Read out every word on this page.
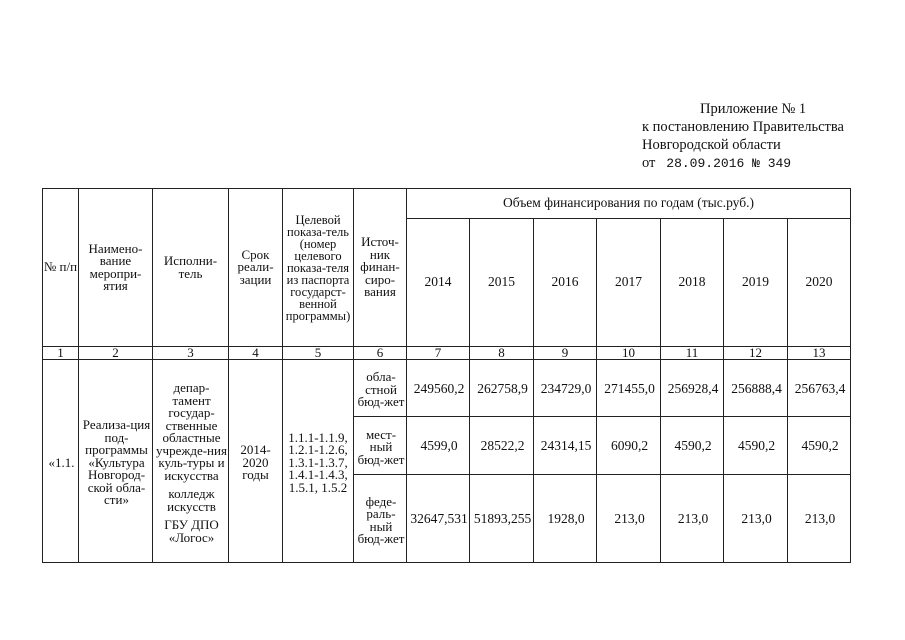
Приложение № 1
к постановлению Правительства
Новгородской области
от 28.09.2016 № 349
№ п/п	Наимено-вание меропри-ятия	Исполни-тель	Срок реали-зации	Целевой показа-тель (номер целевого показа-теля из паспорта государст-венной программы)	Источ-ник финан-сиро-вания	Объем финансирования по годам (тыс.руб.)						
						2014	2015	2016	2017	2018	2019	2020
1	2	3	4	5	6	7	8	9	10	11	12	13
«1.1.	Реализа-ция под-программы «Культура Новгород-ской обла-сти»	депар-тамент государ-ственные областные учрежде-ния куль-туры и искусства
колледж искусств
ГБУ ДПО «Логос»	2014-2020 годы	1.1.1-1.1.9, 1.2.1-1.2.6, 1.3.1-1.3.7, 1.4.1-1.4.3, 1.5.1, 1.5.2	обла-стной бюд-жет	249560,2	262758,9	234729,0	271455,0	256928,4	256888,4	256763,4
					мест-ный бюд-жет	4599,0	28522,2	24314,15	6090,2	4590,2	4590,2	4590,2
					феде-раль-ный бюд-жет	32647,531	51893,255	1928,0	213,0	213,0	213,0	213,0
